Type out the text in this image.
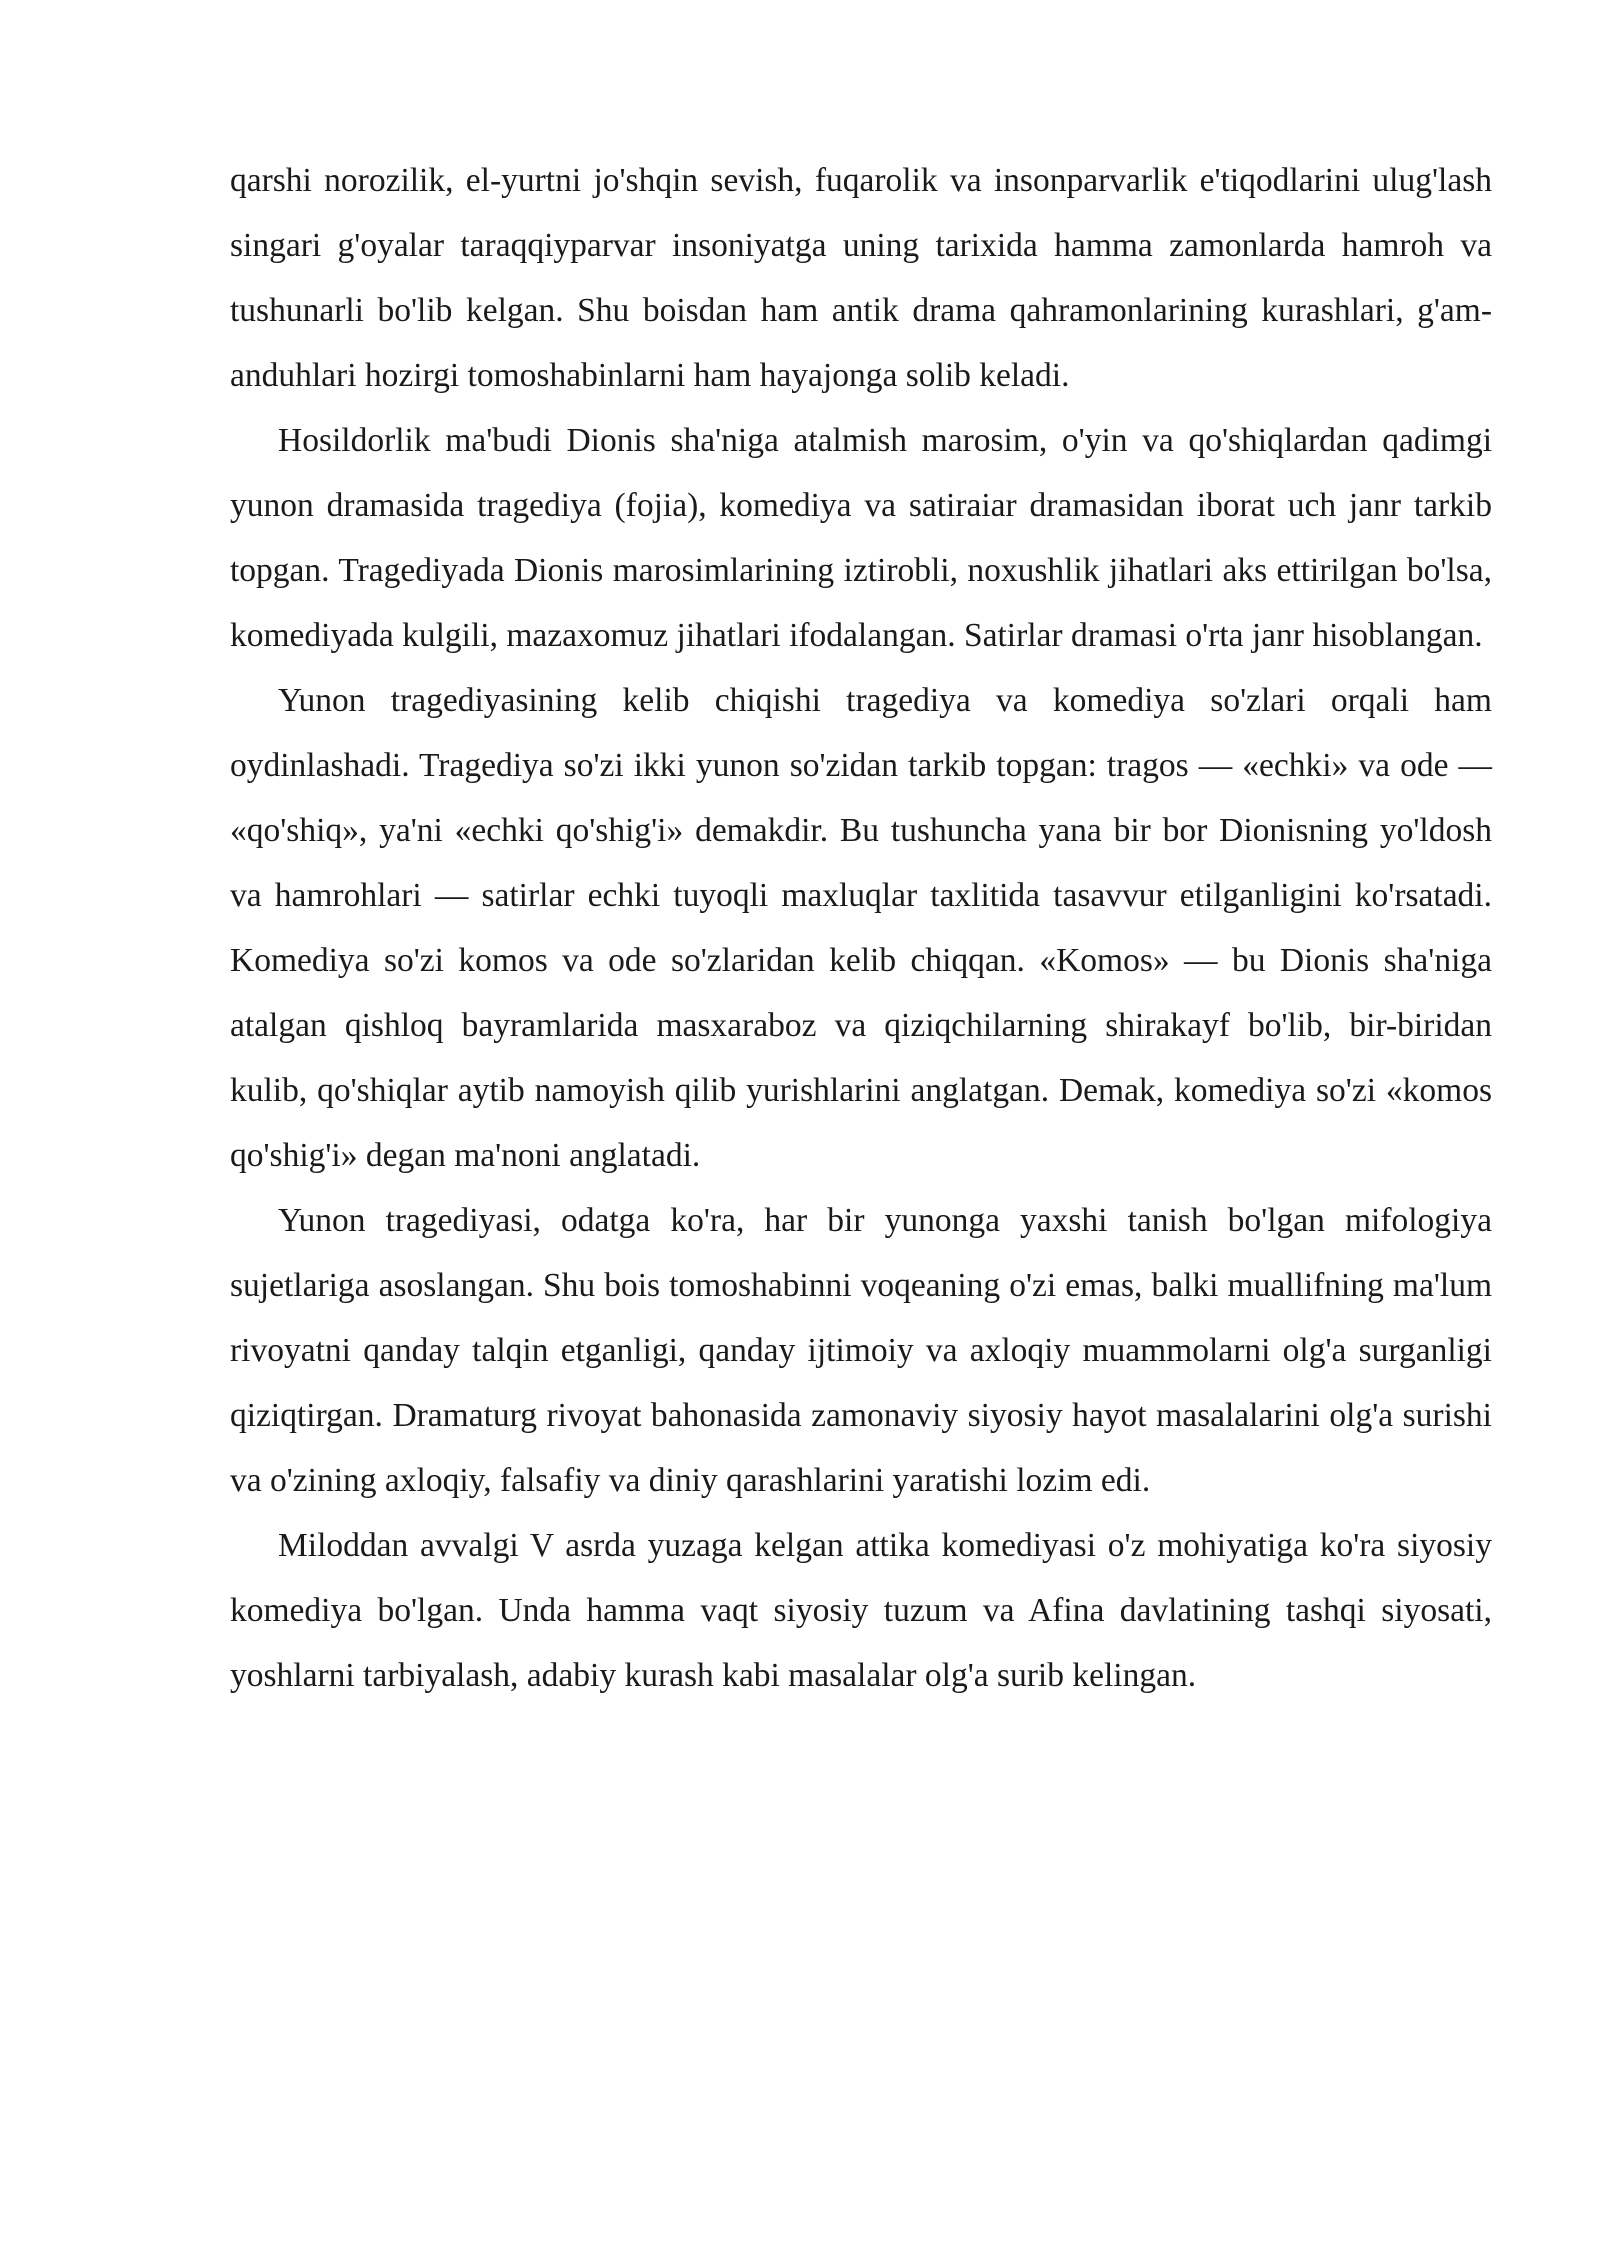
qarshi norozilik, el-yurtni jo'shqin sevish, fuqarolik va insonparvarlik e'tiqodlarini ulug'lash singari g'oyalar taraqqiyparvar insoniyatga uning tarixida hamma zamonlarda hamroh va tushunarli bo'lib kelgan. Shu boisdan ham antik drama qahramonlarining kurashlari, g'am-anduhlari hozirgi tomoshabinlarni ham hayajonga solib keladi.

Hosildorlik ma'budi Dionis sha'niga atalmish marosim, o'yin va qo'shiqlardan qadimgi yunon dramasida tragediya (fojia), komediya va satiraiar dramasidan iborat uch janr tarkib topgan. Tragediyada Dionis marosimlarining iztirobli, noxushlik jihatlari aks ettirilgan bo'lsa, komediyada kulgili, mazaxomuz jihatlari ifodalangan. Satirlar dramasi o'rta janr hisoblangan.

Yunon tragediyasining kelib chiqishi tragediya va komediya so'zlari orqali ham oydinlashadi. Tragediya so'zi ikki yunon so'zidan tarkib topgan: tragos — «echki» va ode — «qo'shiq», ya'ni «echki qo'shig'i» demakdir. Bu tushuncha yana bir bor Dionisning yo'ldosh va hamrohlari — satirlar echki tuyoqli maxluqlar taxlitida tasavvur etilganligini ko'rsatadi. Komediya so'zi komos va ode so'zlaridan kelib chiqqan. «Komos» — bu Dionis sha'niga atalgan qishloq bayramlarida masxaraboz va qiziqchilarning shirakayf bo'lib, bir-biridan kulib, qo'shiqlar aytib namoyish qilib yurishlarini anglatgan. Demak, komediya so'zi «komos qo'shig'i» degan ma'noni anglatadi.

Yunon tragediyasi, odatga ko'ra, har bir yunonga yaxshi tanish bo'lgan mifologiya sujetlariga asoslangan. Shu bois tomoshabinni voqeaning o'zi emas, balki muallifning ma'lum rivoyatni qanday talqin etganligi, qanday ijtimoiy va axloqiy muammolarni olg'a surganligi qiziqtirgan. Dramaturg rivoyat bahonasida zamonaviy siyosiy hayot masalalarini olg'a surishi va o'zining axloqiy, falsafiy va diniy qarashlarini yaratishi lozim edi.

Miloddan avvalgi V asrda yuzaga kelgan attika komediyasi o'z mohiyatiga ko'ra siyosiy komediya bo'lgan. Unda hamma vaqt siyosiy tuzum va Afina davlatining tashqi siyosati, yoshlarni tarbiyalash, adabiy kurash kabi masalalar olg'a surib kelingan.
